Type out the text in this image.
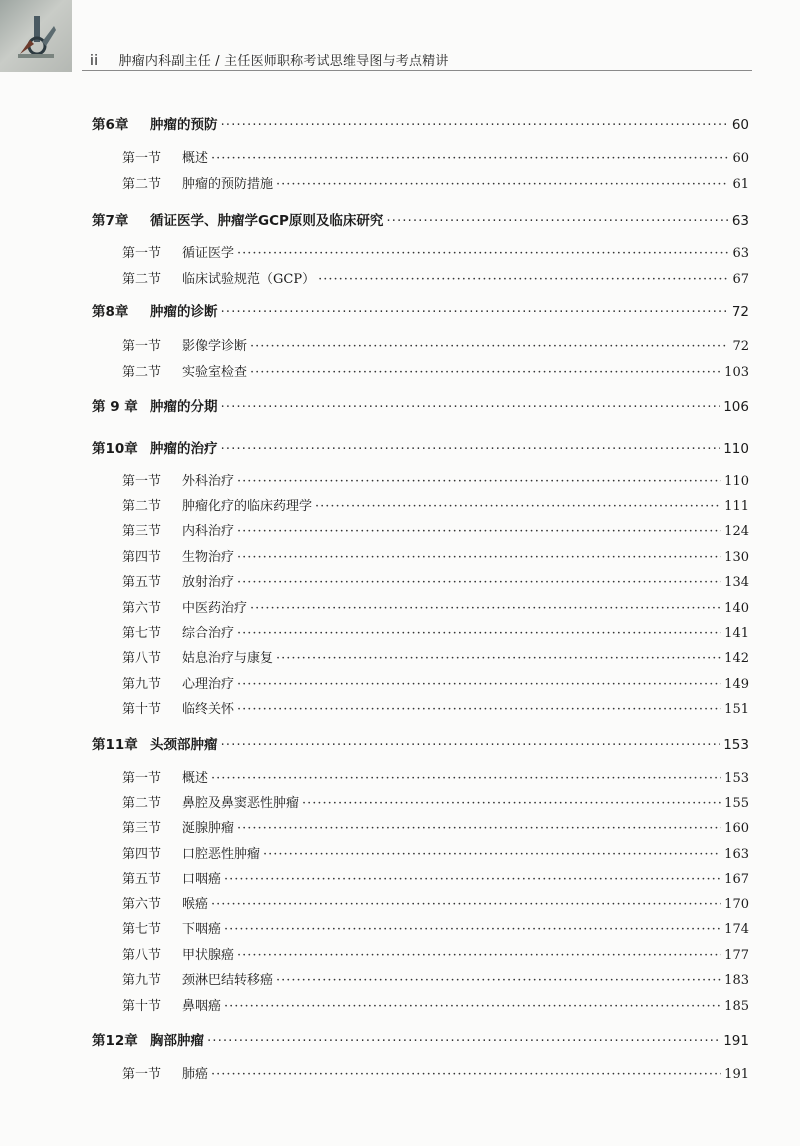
ii 肿瘤内科副主任 / 主任医师职称考试思维导图与考点精讲
第6章	肿瘤的预防 ·····	60
第一节	概述 ·····	60
第二节	肿瘤的预防措施 ·····	61
第7章	循证医学、肿瘤学GCP原则及临床研究 ·····	63
第一节	循证医学 ·····	63
第二节	临床试验规范（GCP） ·····	67
第8章	肿瘤的诊断 ·····	72
第一节	影像学诊断 ·····	72
第二节	实验室检查 ·····	103
第 9 章 肿瘤的分期 ·····	106
第10章 肿瘤的治疗 ·····	110
第一节	外科治疗 ·····	110
第二节	肿瘤化疗的临床药理学 ·····	111
第三节	内科治疗 ·····	124
第四节	生物治疗 ·····	130
第五节	放射治疗 ·····	134
第六节	中医药治疗 ·····	140
第七节	综合治疗 ·····	141
第八节	姑息治疗与康复 ·····	142
第九节	心理治疗 ·····	149
第十节	临终关怀 ·····	151
第11章 头颈部肿瘤 ·····	153
第一节	概述 ·····	153
第二节	鼻腔及鼻窦恶性肿瘤 ·····	155
第三节	涎腺肿瘤 ·····	160
第四节	口腔恶性肿瘤 ·····	163
第五节	口咽癌 ·····	167
第六节	喉癌 ·····	170
第七节	下咽癌 ·····	174
第八节	甲状腺癌 ·····	177
第九节	颈淋巴结转移癌 ·····	183
第十节	鼻咽癌 ·····	185
第12章 胸部肿瘤 ·····	191
第一节	肺癌 ·····	191
